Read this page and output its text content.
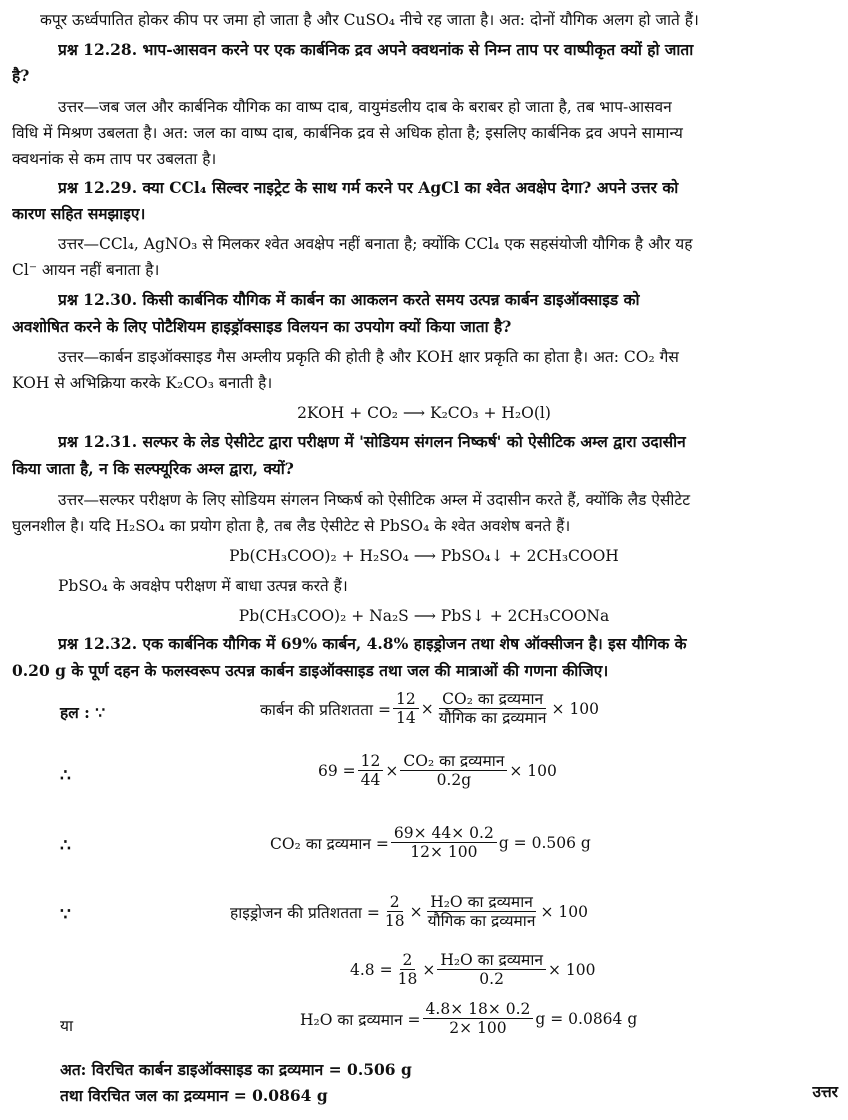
कपूर ऊर्ध्वपातित होकर कीप पर जमा हो जाता है और CuSO₄ नीचे रह जाता है। अत: दोनों यौगिक अलग हो जाते हैं।
प्रश्न 12.28. भाप-आसवन करने पर एक कार्बनिक द्रव अपने क्वथनांक से निम्न ताप पर वाष्पीकृत क्यों हो जाता
है?
उत्तर—जब जल और कार्बनिक यौगिक का वाष्प दाब, वायुमंडलीय दाब के बराबर हो जाता है, तब भाप-आसवन
विधि में मिश्रण उबलता है। अत: जल का वाष्प दाब, कार्बनिक द्रव से अधिक होता है; इसलिए कार्बनिक द्रव अपने सामान्य
क्वथनांक से कम ताप पर उबलता है।
प्रश्न 12.29. क्या CCl₄ सिल्वर नाइट्रेट के साथ गर्म करने पर AgCl का श्वेत अवक्षेप देगा? अपने उत्तर को
कारण सहित समझाइए।
उत्तर—CCl₄, AgNO₃ से मिलकर श्वेत अवक्षेप नहीं बनाता है; क्योंकि CCl₄ एक सहसंयोजी यौगिक है और यह
Cl⁻ आयन नहीं बनाता है।
प्रश्न 12.30. किसी कार्बनिक यौगिक में कार्बन का आकलन करते समय उत्पन्न कार्बन डाइऑक्साइड को
अवशोषित करने के लिए पोटैशियम हाइड्रॉक्साइड विलयन का उपयोग क्यों किया जाता है?
उत्तर—कार्बन डाइऑक्साइड गैस अम्लीय प्रकृति की होती है और KOH क्षार प्रकृति का होता है। अत: CO₂ गैस
KOH से अभिक्रिया करके K₂CO₃ बनाती है।
2KOH + CO₂ ⟶ K₂CO₃ + H₂O(l)
प्रश्न 12.31. सल्फर के लेड ऐसीटेट द्वारा परीक्षण में 'सोडियम संगलन निष्कर्ष' को ऐसीटिक अम्ल द्वारा उदासीन
किया जाता है, न कि सल्फ्यूरिक अम्ल द्वारा, क्यों?
उत्तर—सल्फर परीक्षण के लिए सोडियम संगलन निष्कर्ष को ऐसीटिक अम्ल में उदासीन करते हैं, क्योंकि लैड ऐसीटेट
घुलनशील है। यदि H₂SO₄ का प्रयोग होता है, तब लैड ऐसीटेट से PbSO₄ के श्वेत अवशेष बनते हैं।
Pb(CH₃COO)₂ + H₂SO₄ ⟶ PbSO₄↓ + 2CH₃COOH
PbSO₄ के अवक्षेप परीक्षण में बाधा उत्पन्न करते हैं।
Pb(CH₃COO)₂ + Na₂S ⟶ PbS↓ + 2CH₃COONa
प्रश्न 12.32. एक कार्बनिक यौगिक में 69% कार्बन, 4.8% हाइड्रोजन तथा शेष ऑक्सीजन है। इस यौगिक के
0.20 g के पूर्ण दहन के फलस्वरूप उत्पन्न कार्बन डाइऑक्साइड तथा जल की मात्राओं की गणना कीजिए।
हल : ∵	कार्बन की प्रतिशतता = $\frac{12}{14} \times \frac{\text{CO₂ का द्रव्यमान}}{\text{यौगिक का द्रव्यमान}} \times 100$
∴	$69 = \frac{12}{44} \times \frac{\text{CO₂ का द्रव्यमान}}{0.2g} \times 100$
∴	CO₂ का द्रव्यमान = $\frac{69\times 44\times 0.2}{12\times 100}$ g = 0.506 g
∵	हाइड्रोजन की प्रतिशतता = $\frac{2}{18} \times \frac{\text{H₂O का द्रव्यमान}}{\text{यौगिक का द्रव्यमान}} \times 100$
$4.8 = \frac{2}{18} \times \frac{\text{H₂O का द्रव्यमान}}{0.2} \times 100$
या	H₂O का द्रव्यमान = $\frac{4.8\times 18\times 0.2}{2\times 100}$ g = 0.0864 g
अत: विरचित कार्बन डाइऑक्साइड का द्रव्यमान = 0.506 g
तथा विरचित जल का द्रव्यमान = 0.0864 g	उत्तर
